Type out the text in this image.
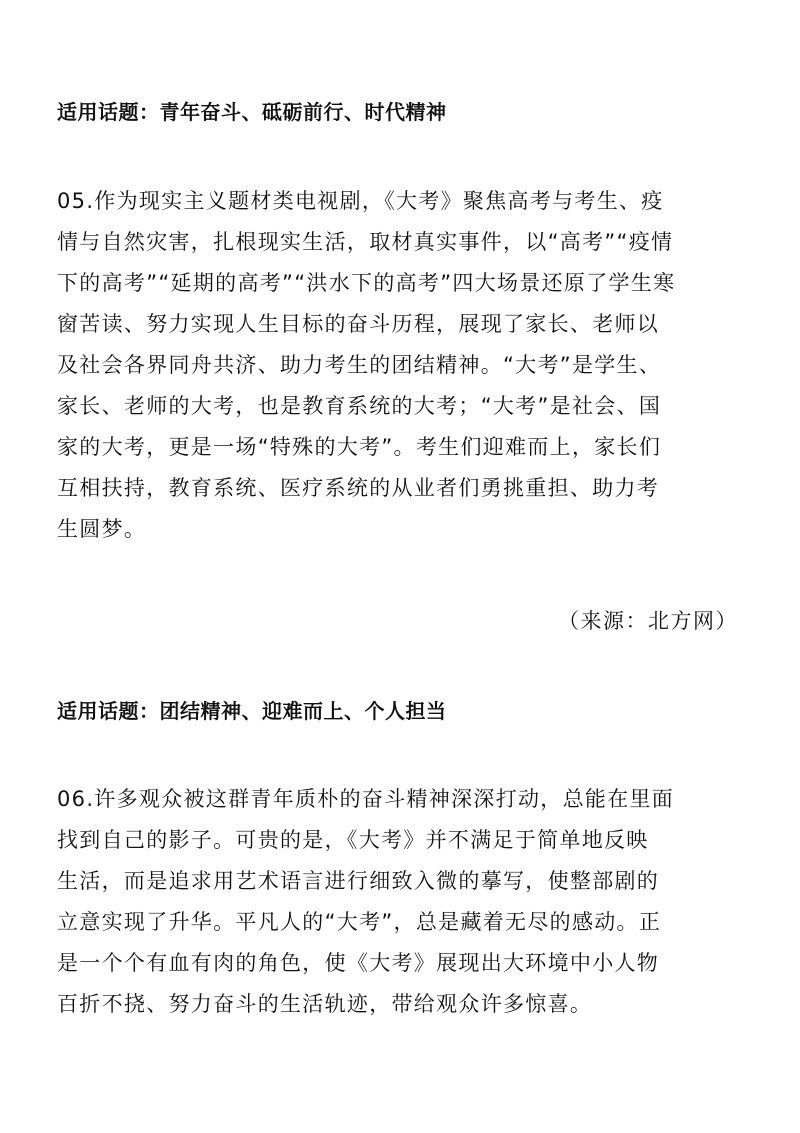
适用话题：青年奋斗、砥砺前行、时代精神
05.作为现实主义题材类电视剧，《大考》聚焦高考与考生、疫
情与自然灾害，扎根现实生活，取材真实事件，以“高考”“疫情
下的高考”“延期的高考”“洪水下的高考”四大场景还原了学生寒
窗苦读、努力实现人生目标的奋斗历程，展现了家长、老师以
及社会各界同舟共济、助力考生的团结精神。“大考”是学生、
家长、老师的大考，也是教育系统的大考；“大考”是社会、国
家的大考，更是一场“特殊的大考”。考生们迎难而上，家长们
互相扶持，教育系统、医疗系统的从业者们勇挑重担、助力考
生圆梦。
（来源：北方网）
适用话题：团结精神、迎难而上、个人担当
06.许多观众被这群青年质朴的奋斗精神深深打动，总能在里面
找到自己的影子。可贵的是，《大考》并不满足于简单地反映
生活，而是追求用艺术语言进行细致入微的摹写，使整部剧的
立意实现了升华。平凡人的“大考”，总是藏着无尽的感动。正
是一个个有血有肉的角色，使《大考》展现出大环境中小人物
百折不挠、努力奋斗的生活轨迹，带给观众许多惊喜。
